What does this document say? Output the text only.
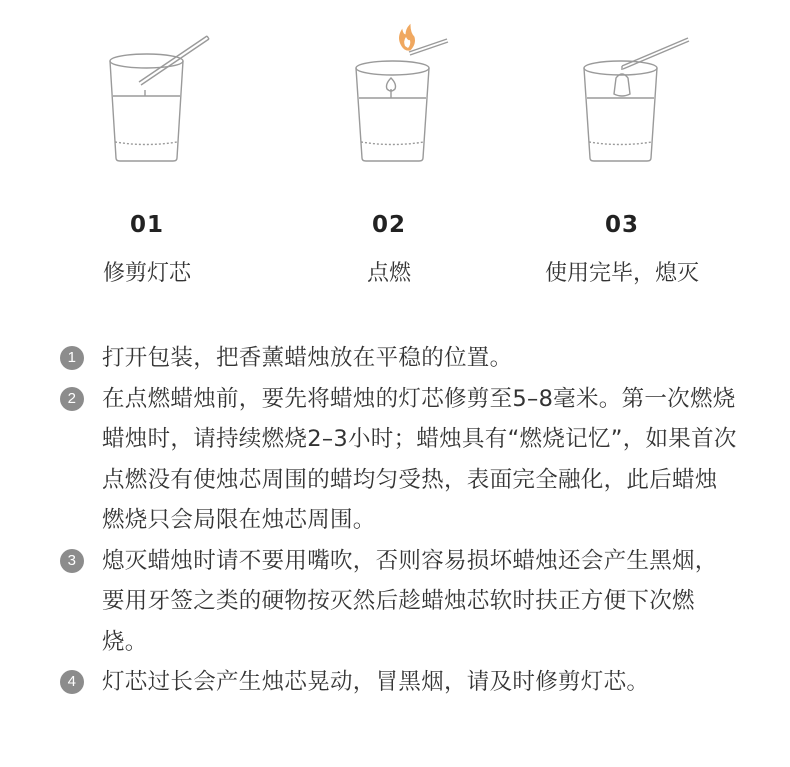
01
修剪灯芯
02
点燃
03
使用完毕，熄灭
1	打开包装，把香薰蜡烛放在平稳的位置。
2	在点燃蜡烛前，要先将蜡烛的灯芯修剪至5–8毫米。第一次燃烧蜡烛时，请持续燃烧2–3小时；蜡烛具有“燃烧记忆”，如果首次点燃没有使烛芯周围的蜡均匀受热，表面完全融化，此后蜡烛燃烧只会局限在烛芯周围。
3	熄灭蜡烛时请不要用嘴吹，否则容易损坏蜡烛还会产生黑烟，要用牙签之类的硬物按灭然后趁蜡烛芯软时扶正方便下次燃烧。
4	灯芯过长会产生烛芯晃动，冒黑烟，请及时修剪灯芯。
